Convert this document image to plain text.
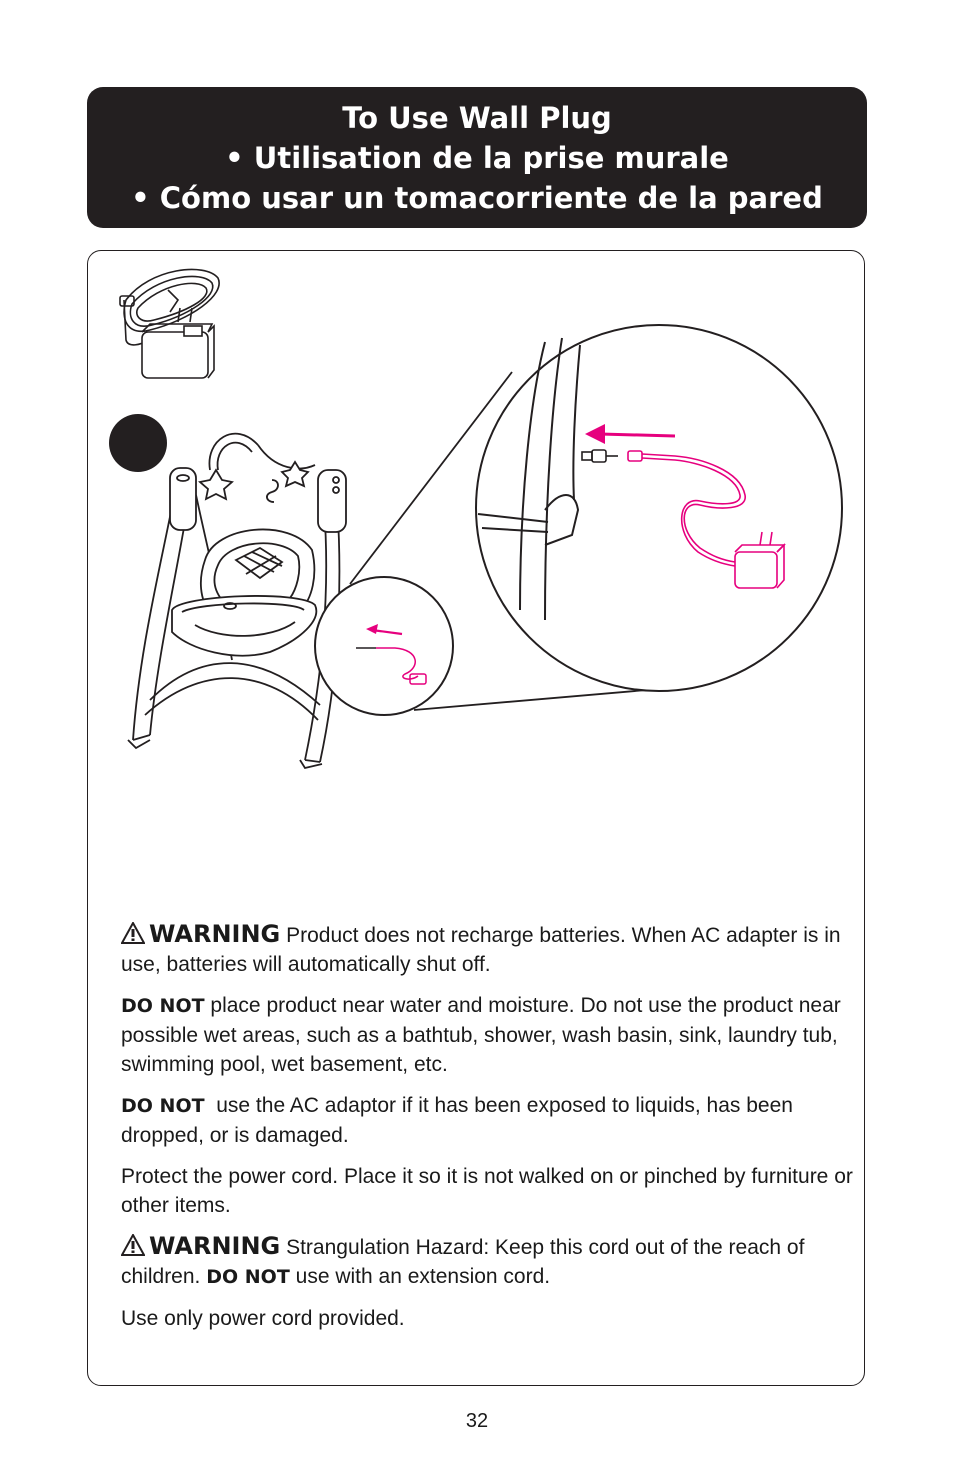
To Use Wall Plug
• Utilisation de la prise murale
• Cómo usar un tomacorriente de la pared

WARNING Product does not recharge batteries. When AC adapter is in use, batteries will automatically shut off.

DO NOT place product near water and moisture. Do not use the product near possible wet areas, such as a bathtub, shower, wash basin, sink, laundry tub, swimming pool, wet basement, etc.

DO NOT use the AC adaptor if it has been exposed to liquids, has been dropped, or is damaged.

Protect the power cord. Place it so it is not walked on or pinched by furniture or other items.

WARNING Strangulation Hazard: Keep this cord out of the reach of children. DO NOT use with an extension cord.

Use only power cord provided.

32
